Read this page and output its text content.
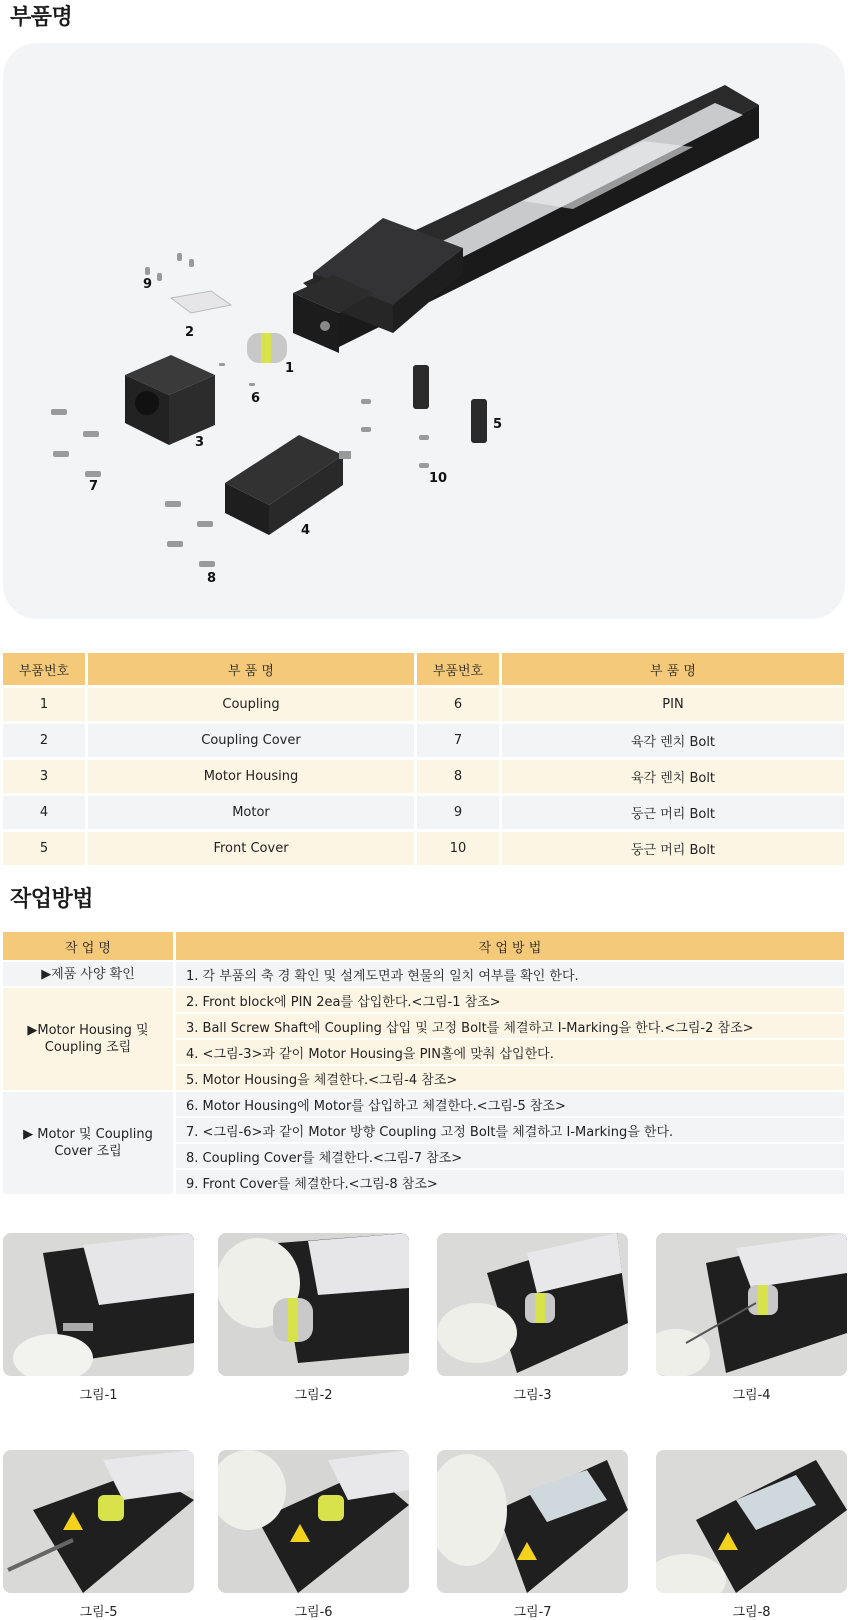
부품명
1
2
3
4
5
6
7
8
9
10
부품번호	부 품 명	부품번호	부 품 명
1	Coupling	6	PIN
2	Coupling Cover	7	육각 렌치 Bolt
3	Motor Housing	8	육각 렌치 Bolt
4	Motor	9	둥근 머리 Bolt
5	Front Cover	10	둥근 머리 Bolt
작업방법
작 업 명	작 업 방 법
▶제품 사양 확인	1. 각 부품의 축 경 확인 및 설계도면과 현물의 일치 여부를 확인 한다.
▶Motor Housing 및 Coupling 조립	2. Front block에 PIN 2ea를 삽입한다.<그림-1 참조>
	3. Ball Screw Shaft에 Coupling 삽입 및 고정 Bolt를 체결하고 I-Marking을 한다.<그림-2 참조>
	4. <그림-3>과 같이 Motor Housing을 PIN홀에 맞춰 삽입한다.
	5. Motor Housing을 체결한다.<그림-4 참조>
▶ Motor 및 Coupling Cover 조립	6. Motor Housing에 Motor를 삽입하고 체결한다.<그림-5 참조>
	7. <그림-6>과 같이 Motor 방향 Coupling 고정 Bolt를 체결하고 I-Marking을 한다.
	8. Coupling Cover를 체결한다.<그림-7 참조>
	9. Front Cover를 체결한다.<그림-8 참조>
그림-1	그림-2	그림-3	그림-4
그림-5	그림-6	그림-7	그림-8
